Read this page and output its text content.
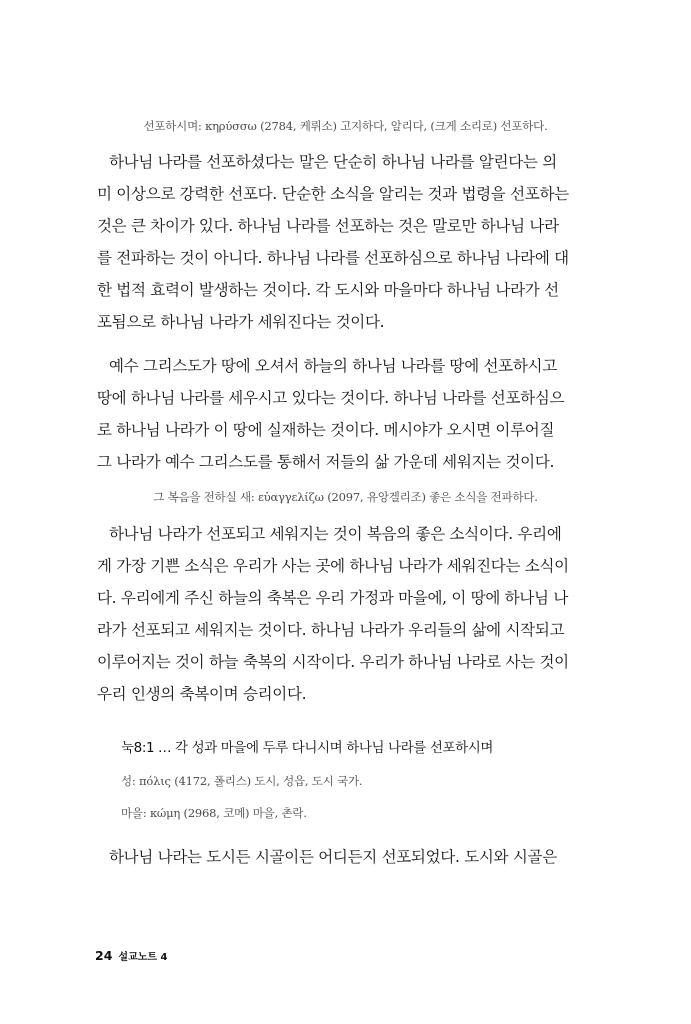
선포하시며: κηρύσσω (2784, 케뤼소) 고지하다, 알리다, (크게 소리로) 선포하다.
하나님 나라를 선포하셨다는 말은 단순히 하나님 나라를 알린다는 의
미 이상으로 강력한 선포다. 단순한 소식을 알리는 것과 법령을 선포하는
것은 큰 차이가 있다. 하나님 나라를 선포하는 것은 말로만 하나님 나라
를 전파하는 것이 아니다. 하나님 나라를 선포하심으로 하나님 나라에 대
한 법적 효력이 발생하는 것이다. 각 도시와 마을마다 하나님 나라가 선
포됨으로 하나님 나라가 세워진다는 것이다.
예수 그리스도가 땅에 오셔서 하늘의 하나님 나라를 땅에 선포하시고
땅에 하나님 나라를 세우시고 있다는 것이다. 하나님 나라를 선포하심으
로 하나님 나라가 이 땅에 실재하는 것이다. 메시야가 오시면 이루어질
그 나라가 예수 그리스도를 통해서 저들의 삶 가운데 세워지는 것이다.
그 복음을 전하실 새: εὐαγγελίζω (2097, 유앙겔리조) 좋은 소식을 전파하다.
하나님 나라가 선포되고 세워지는 것이 복음의 좋은 소식이다. 우리에
게 가장 기쁜 소식은 우리가 사는 곳에 하나님 나라가 세워진다는 소식이
다. 우리에게 주신 하늘의 축복은 우리 가정과 마을에, 이 땅에 하나님 나
라가 선포되고 세워지는 것이다. 하나님 나라가 우리들의 삶에 시작되고
이루어지는 것이 하늘 축복의 시작이다. 우리가 하나님 나라로 사는 것이
우리 인생의 축복이며 승리이다.
눅8:1 … 각 성과 마을에 두루 다니시며 하나님 나라를 선포하시며
성: πόλις (4172, 폴리스) 도시, 성읍, 도시 국가.
마을: κώμη (2968, 코메) 마을, 촌락.
하나님 나라는 도시든 시골이든 어디든지 선포되었다. 도시와 시골은
24 설교노트 4
